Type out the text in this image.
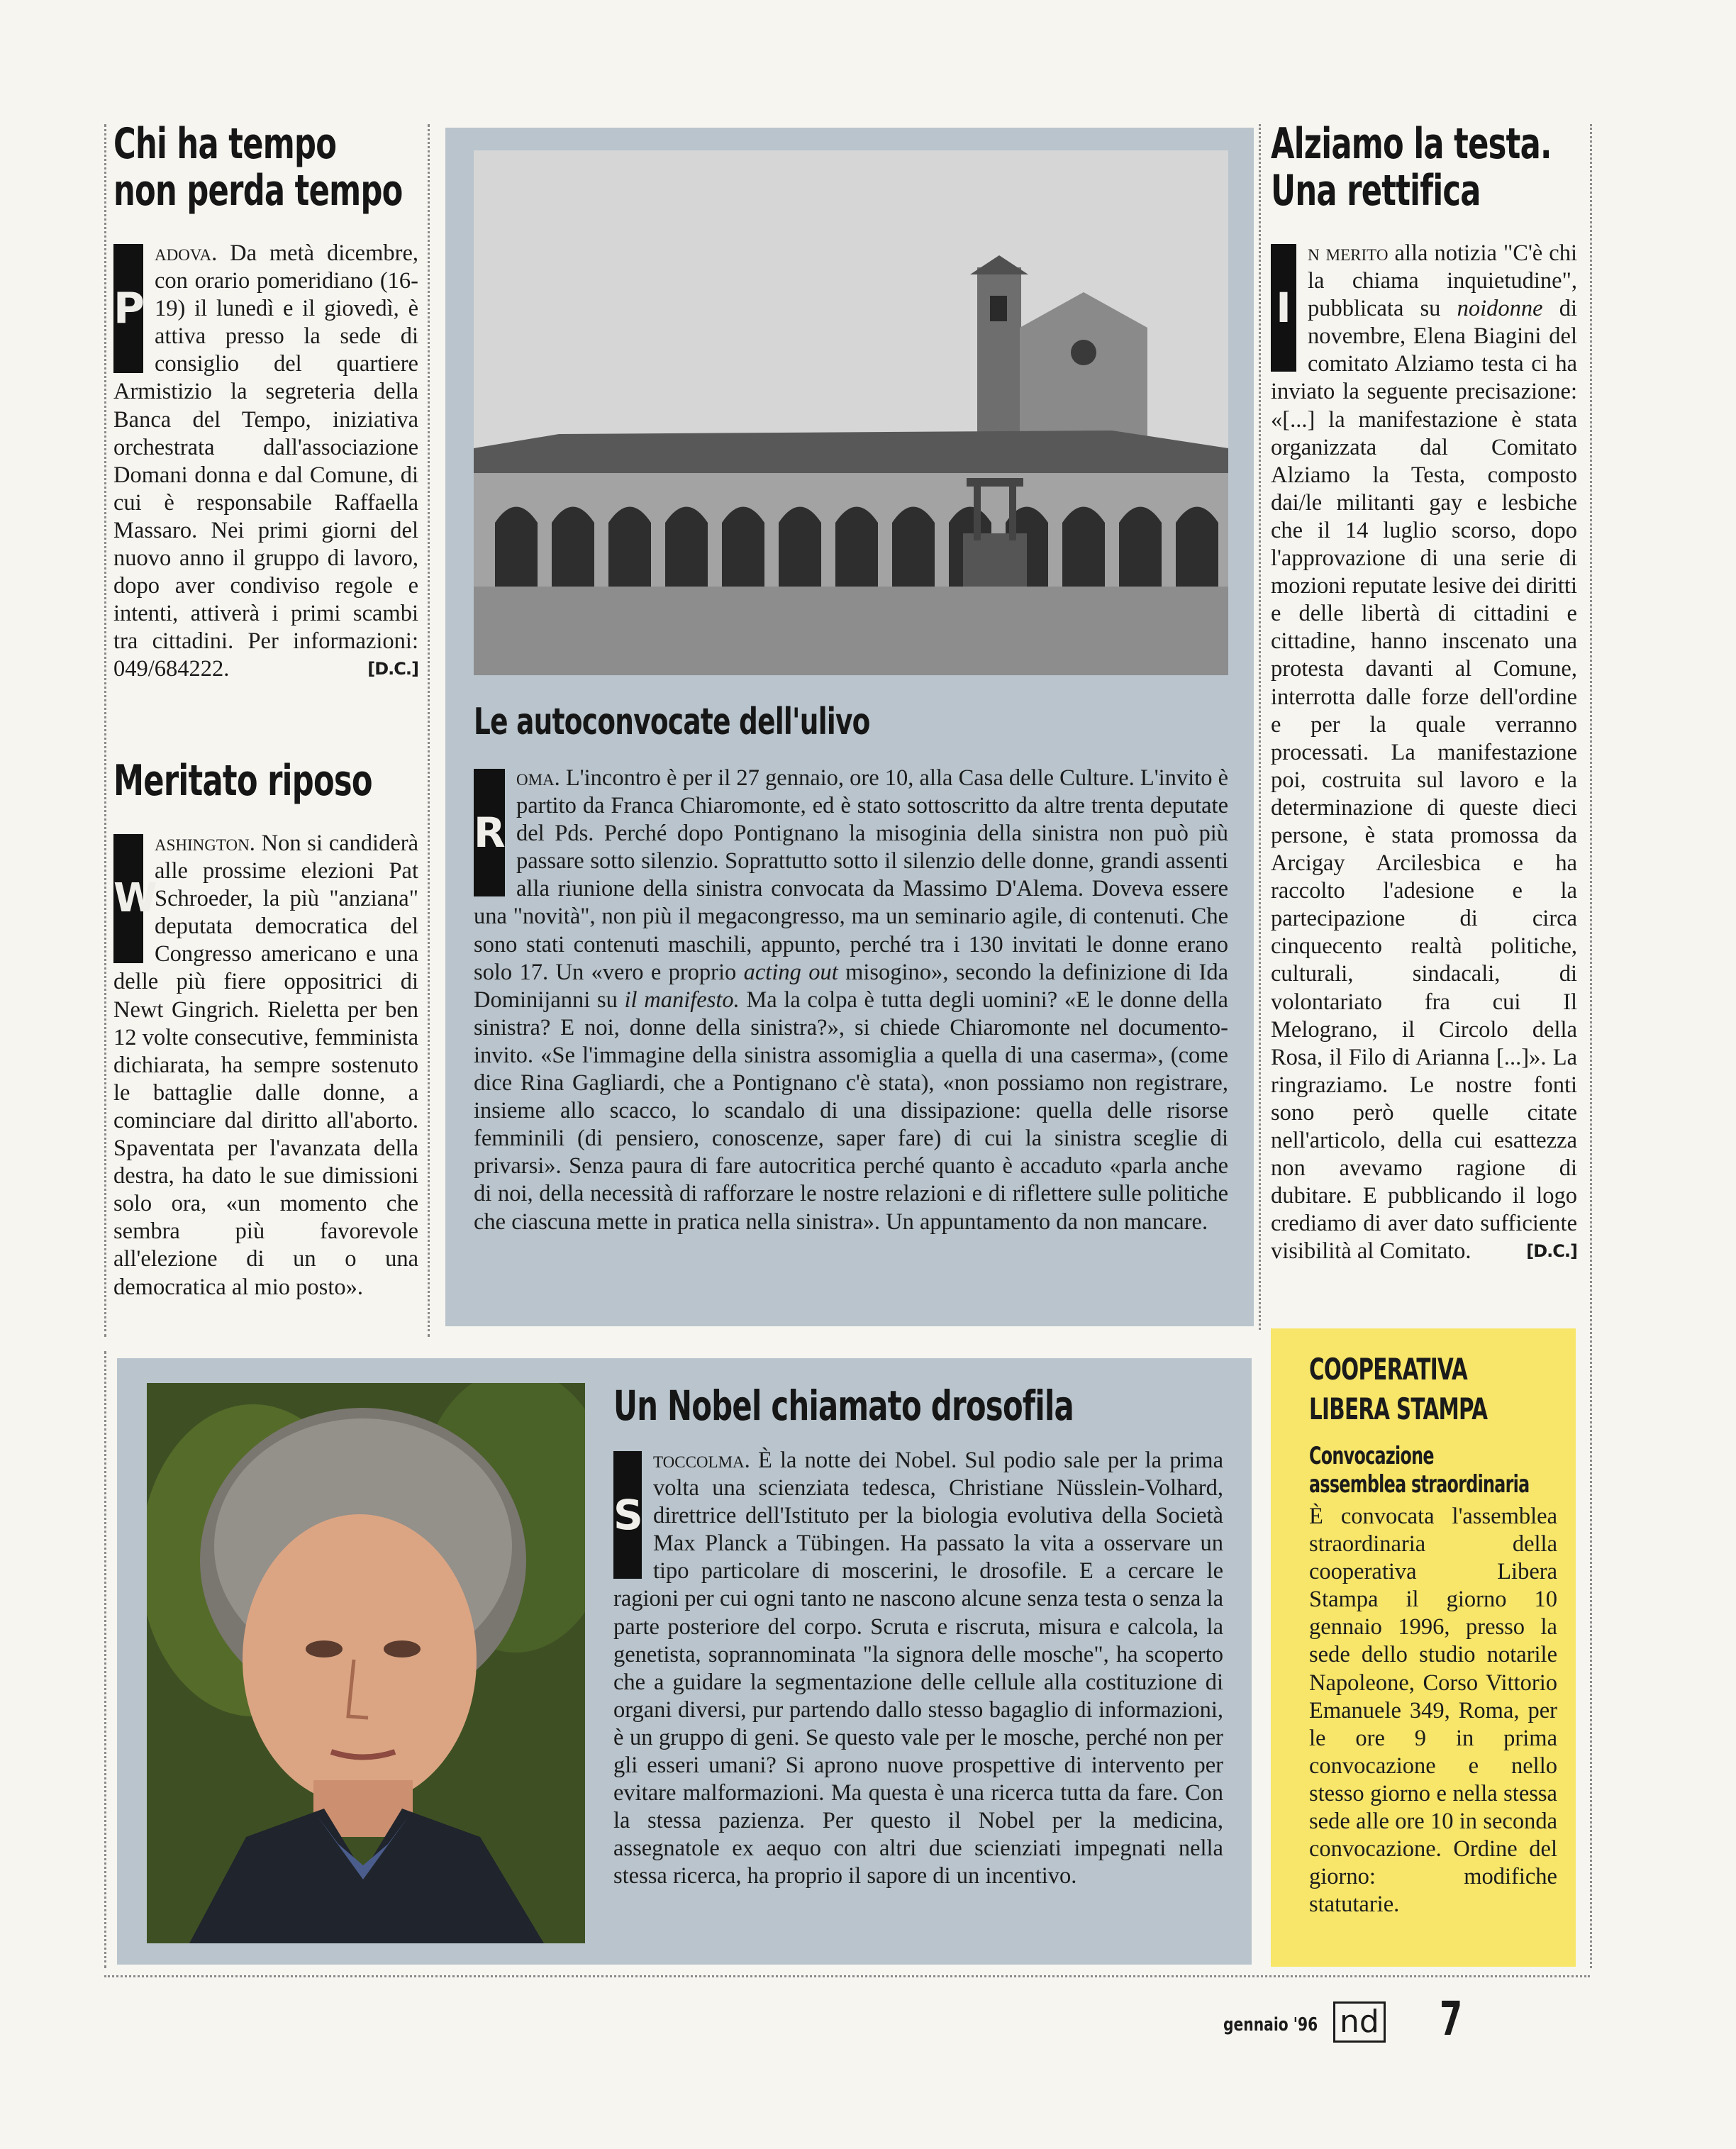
Chi ha tempo
non perda tempo
P
adova. Da metà dicembre, con orario pomeridiano (16-19) il lunedì e il giovedì, è attiva presso la sede di consiglio del quartiere Armistizio la segreteria della Banca del Tempo, iniziativa orchestrata dall'associazione Domani donna e dal Comune, di cui è responsabile Raffaella Massaro. Nei primi giorni del nuovo anno il gruppo di lavoro, dopo aver condiviso regole e intenti, attiverà i primi scambi tra cittadini. Per informazioni: 049/684222.	[D.C.]
Meritato riposo
W
ashington. Non si candiderà alle prossime elezioni Pat Schroeder, la più "anziana" deputata democratica del Congresso americano e una delle più fiere oppositrici di Newt Gingrich. Rieletta per ben 12 volte consecutive, femminista dichiarata, ha sempre sostenuto le battaglie dalle donne, a cominciare dal diritto all'aborto. Spaventata per l'avanzata della destra, ha dato le sue dimissioni solo ora, «un momento che sembra più favorevole all'elezione di un o una democratica al mio posto».
Le autoconvocate dell'ulivo
R
oma. L'incontro è per il 27 gennaio, ore 10, alla Casa delle Culture. L'invito è partito da Franca Chiaromonte, ed è stato sottoscritto da altre trenta deputate del Pds. Perché dopo Pontignano la misoginia della sinistra non può più passare sotto silenzio. Soprattutto sotto il silenzio delle donne, grandi assenti alla riunione della sinistra convocata da Massimo D'Alema. Doveva essere una "novità", non più il megacongresso, ma un seminario agile, di contenuti. Che sono stati contenuti maschili, appunto, perché tra i 130 invitati le donne erano solo 17. Un «vero e proprio acting out misogino», secondo la definizione di Ida Dominijanni su il manifesto. Ma la colpa è tutta degli uomini? «E le donne della sinistra? E noi, donne della sinistra?», si chiede Chiaromonte nel documento-invito. «Se l'immagine della sinistra assomiglia a quella di una caserma», (come dice Rina Gagliardi, che a Pontignano c'è stata), «non possiamo non registrare, insieme allo scacco, lo scandalo di una dissipazione: quella delle risorse femminili (di pensiero, conoscenze, saper fare) di cui la sinistra sceglie di privarsi». Senza paura di fare autocritica perché quanto è accaduto «parla anche di noi, della necessità di rafforzare le nostre relazioni e di riflettere sulle politiche che ciascuna mette in pratica nella sinistra». Un appuntamento da non mancare.
Alziamo la testa.
Una rettifica
I
n merito alla notizia "C'è chi la chiama inquietudine", pubblicata su noidonne di novembre, Elena Biagini del comitato Alziamo testa ci ha inviato la seguente precisazione: «[...] la manifestazione è stata organizzata dal Comitato Alziamo la Testa, composto dai/le militanti gay e lesbiche che il 14 luglio scorso, dopo l'approvazione di una serie di mozioni reputate lesive dei diritti e delle libertà di cittadini e cittadine, hanno inscenato una protesta davanti al Comune, interrotta dalle forze dell'ordine e per la quale verranno processati. La manifestazione poi, costruita sul lavoro e la determinazione di queste dieci persone, è stata promossa da Arcigay Arcilesbica e ha raccolto l'adesione e la partecipazione di circa cinquecento realtà politiche, culturali, sindacali, di volontariato fra cui Il Melograno, il Circolo della Rosa, il Filo di Arianna [...]». La ringraziamo. Le nostre fonti sono però quelle citate nell'articolo, della cui esattezza non avevamo ragione di dubitare. E pubblicando il logo crediamo di aver dato sufficiente visibilità al Comitato.	[D.C.]
Un Nobel chiamato drosofila
S
toccolma. È la notte dei Nobel. Sul podio sale per la prima volta una scienziata tedesca, Christiane Nüsslein-Volhard, direttrice dell'Istituto per la biologia evolutiva della Società Max Planck a Tübingen. Ha passato la vita a osservare un tipo particolare di moscerini, le drosofile. E a cercare le ragioni per cui ogni tanto ne nascono alcune senza testa o senza la parte posteriore del corpo. Scruta e riscruta, misura e calcola, la genetista, soprannominata "la signora delle mosche", ha scoperto che a guidare la segmentazione delle cellule alla costituzione di organi diversi, pur partendo dallo stesso bagaglio di informazioni, è un gruppo di geni. Se questo vale per le mosche, perché non per gli esseri umani? Si aprono nuove prospettive di intervento per evitare malformazioni. Ma questa è una ricerca tutta da fare. Con la stessa pazienza. Per questo il Nobel per la medicina, assegnatole ex aequo con altri due scienziati impegnati nella stessa ricerca, ha proprio il sapore di un incentivo.
COOPERATIVA
LIBERA STAMPA
Convocazione
assemblea straordinaria
È convocata l'assemblea straordinaria della cooperativa Libera Stampa il giorno 10 gennaio 1996, presso la sede dello studio notarile Napoleone, Corso Vittorio Emanuele 349, Roma, per le ore 9 in prima convocazione e nello stesso giorno e nella stessa sede alle ore 10 in seconda convocazione. Ordine del giorno: modifiche statutarie.
gennaio '96 nd 7
